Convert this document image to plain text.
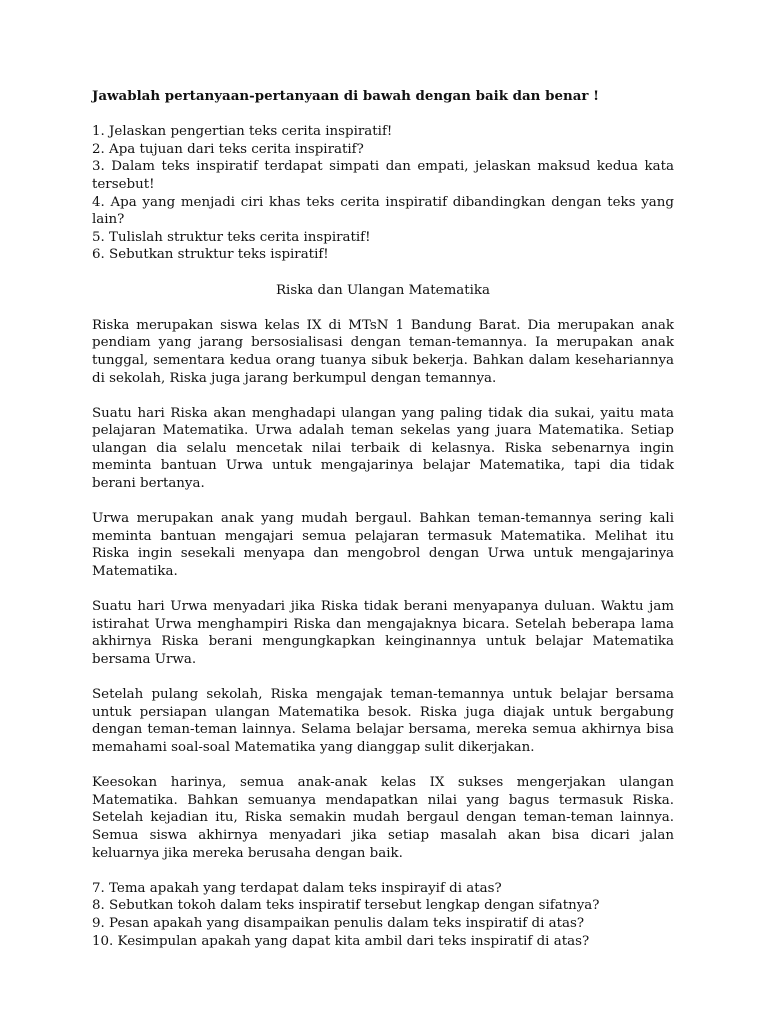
Jawablah pertanyaan-pertanyaan di bawah dengan baik dan benar !

1. Jelaskan pengertian teks cerita inspiratif!
2. Apa tujuan dari teks cerita inspiratif?
3. Dalam teks inspiratif terdapat simpati dan empati, jelaskan maksud kedua kata tersebut!
4. Apa yang menjadi ciri khas teks cerita inspiratif dibandingkan dengan teks yang lain?
5. Tulislah struktur teks cerita inspiratif!
6. Sebutkan struktur teks ispiratif!

Riska dan Ulangan Matematika

Riska merupakan siswa kelas IX di MTsN 1 Bandung Barat. Dia merupakan anak pendiam yang jarang bersosialisasi dengan teman-temannya. Ia merupakan anak tunggal, sementara kedua orang tuanya sibuk bekerja. Bahkan dalam kesehariannya di sekolah, Riska juga jarang berkumpul dengan temannya.

Suatu hari Riska akan menghadapi ulangan yang paling tidak dia sukai, yaitu mata pelajaran Matematika. Urwa adalah teman sekelas yang juara Matematika. Setiap ulangan dia selalu mencetak nilai terbaik di kelasnya. Riska sebenarnya ingin meminta bantuan Urwa untuk mengajarinya belajar Matematika, tapi dia tidak berani bertanya.

Urwa merupakan anak yang mudah bergaul. Bahkan teman-temannya sering kali meminta bantuan mengajari semua pelajaran termasuk Matematika. Melihat itu Riska ingin sesekali menyapa dan mengobrol dengan Urwa untuk mengajarinya Matematika.

Suatu hari Urwa menyadari jika Riska tidak berani menyapanya duluan. Waktu jam istirahat Urwa menghampiri Riska dan mengajaknya bicara. Setelah beberapa lama akhirnya Riska berani mengungkapkan keinginannya untuk belajar Matematika bersama Urwa.

Setelah pulang sekolah, Riska mengajak teman-temannya untuk belajar bersama untuk persiapan ulangan Matematika besok. Riska juga diajak untuk bergabung dengan teman-teman lainnya. Selama belajar bersama, mereka semua akhirnya bisa memahami soal-soal Matematika yang dianggap sulit dikerjakan.

Keesokan harinya, semua anak-anak kelas IX sukses mengerjakan ulangan Matematika. Bahkan semuanya mendapatkan nilai yang bagus termasuk Riska. Setelah kejadian itu, Riska semakin mudah bergaul dengan teman-teman lainnya. Semua siswa akhirnya menyadari jika setiap masalah akan bisa dicari jalan keluarnya jika mereka berusaha dengan baik.

7. Tema apakah yang terdapat dalam teks inspirayif di atas?
8. Sebutkan tokoh dalam teks inspiratif tersebut lengkap dengan sifatnya?
9. Pesan apakah yang disampaikan penulis dalam teks inspiratif di atas?
10. Kesimpulan apakah yang dapat kita ambil dari teks inspiratif di atas?
